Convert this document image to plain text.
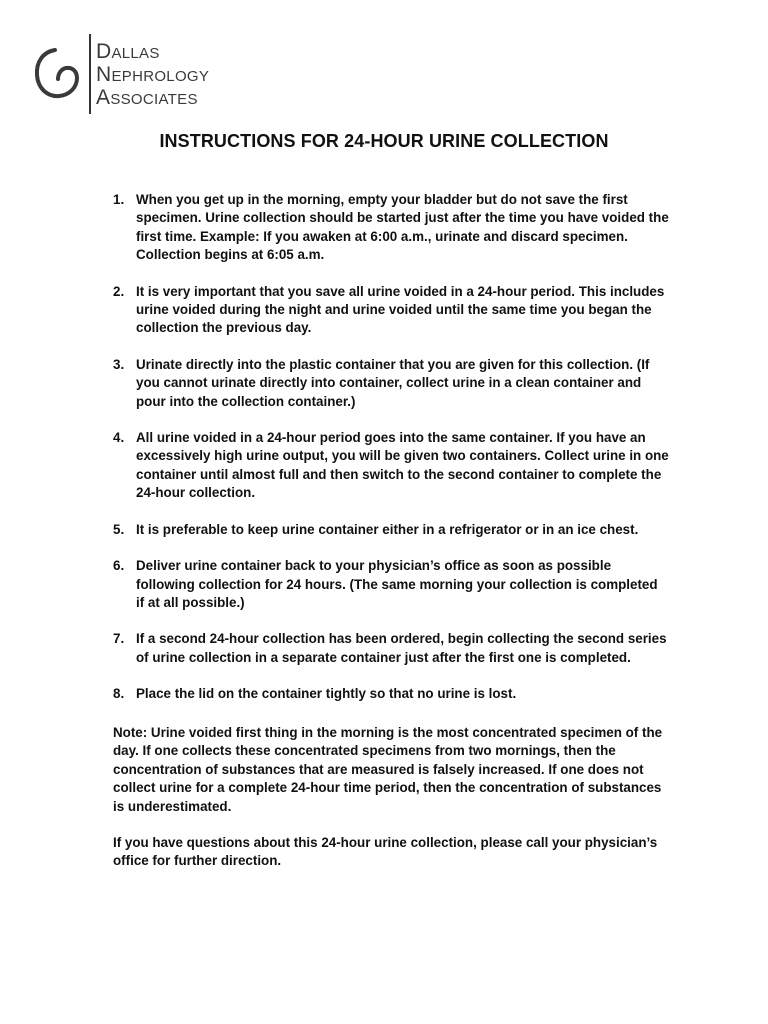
DALLAS
NEPHROLOGY
ASSOCIATES
INSTRUCTIONS FOR 24-HOUR URINE COLLECTION
1. When you get up in the morning, empty your bladder but do not save the first
specimen. Urine collection should be started just after the time you have voided the
first time. Example: If you awaken at 6:00 a.m., urinate and discard specimen.
Collection begins at 6:05 a.m.
2. It is very important that you save all urine voided in a 24-hour period. This includes
urine voided during the night and urine voided until the same time you began the
collection the previous day.
3. Urinate directly into the plastic container that you are given for this collection. (If
you cannot urinate directly into container, collect urine in a clean container and
pour into the collection container.)
4. All urine voided in a 24-hour period goes into the same container. If you have an
excessively high urine output, you will be given two containers. Collect urine in one
container until almost full and then switch to the second container to complete the
24-hour collection.
5. It is preferable to keep urine container either in a refrigerator or in an ice chest.
6. Deliver urine container back to your physician’s office as soon as possible
following collection for 24 hours. (The same morning your collection is completed
if at all possible.)
7. If a second 24-hour collection has been ordered, begin collecting the second series
of urine collection in a separate container just after the first one is completed.
8. Place the lid on the container tightly so that no urine is lost.

Note: Urine voided first thing in the morning is the most concentrated specimen of the
day. If one collects these concentrated specimens from two mornings, then the
concentration of substances that are measured is falsely increased. If one does not
collect urine for a complete 24-hour time period, then the concentration of substances
is underestimated.

If you have questions about this 24-hour urine collection, please call your physician’s
office for further direction.
